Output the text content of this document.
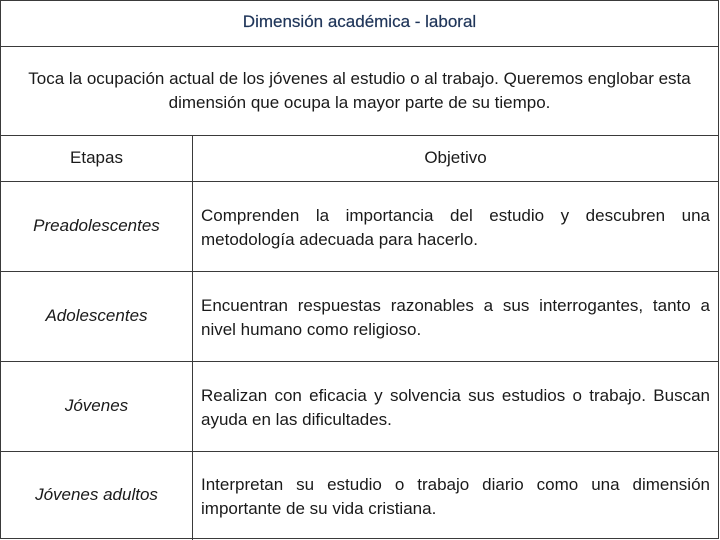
Dimensión académica - laboral
Toca la ocupación actual de los jóvenes al estudio o al trabajo. Queremos englobar esta dimensión que ocupa la mayor parte de su tiempo.
Etapas	Objetivo
Preadolescentes
Comprenden la importancia del estudio y descubren una metodología adecuada para hacerlo.
Adolescentes
Encuentran respuestas razonables a sus interrogantes, tanto a nivel humano como religioso.
Jóvenes
Realizan con eficacia y solvencia sus estudios o trabajo. Buscan ayuda en las dificultades.
Jóvenes adultos
Interpretan su estudio o trabajo diario como una dimensión importante de su vida cristiana.
